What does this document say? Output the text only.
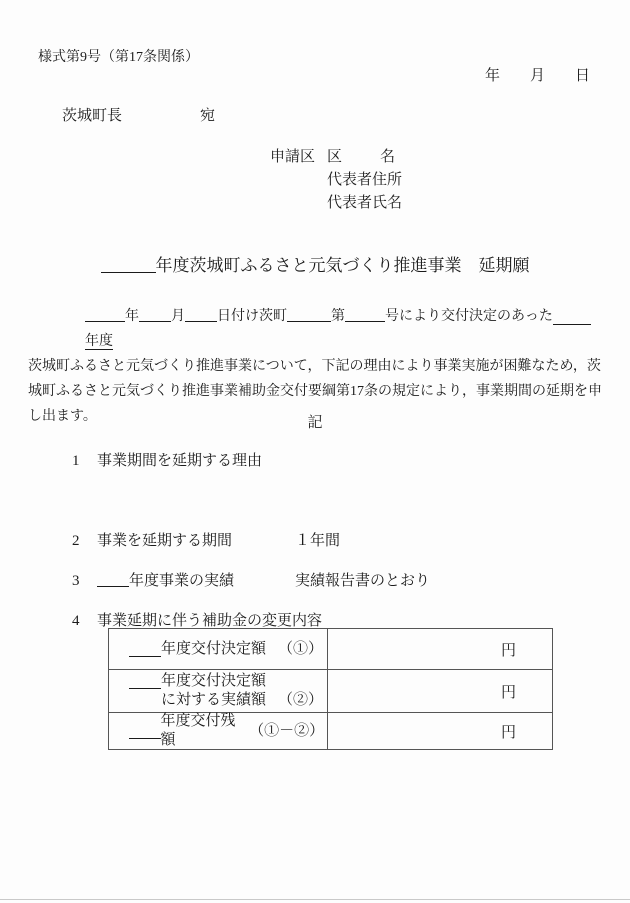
様式第9号（第17条関係）
年　　月　　日
茨城町長	宛
申請区 区	名
代表者住所
代表者氏名
年度茨城町ふるさと元気づくり推進事業　延期願
年 月 日付け茨町	第	号により交付決定のあった年度
茨城町ふるさと元気づくり推進事業について，下記の理由により事業実施が困難なため，茨
城町ふるさと元気づくり推進事業補助金交付要綱第17条の規定により，事業期間の延期を申
し出ます。	記
1 事業期間を延期する理由
2 事業を延期する期間	１年間
3	年度事業の実績	実績報告書のとおり
4 事業延期に伴う補助金の変更内容
年度交付決定額 （①）	円
年度交付決定額
に対する実績額 （②）	円
年度交付残額
（①－②）	円
